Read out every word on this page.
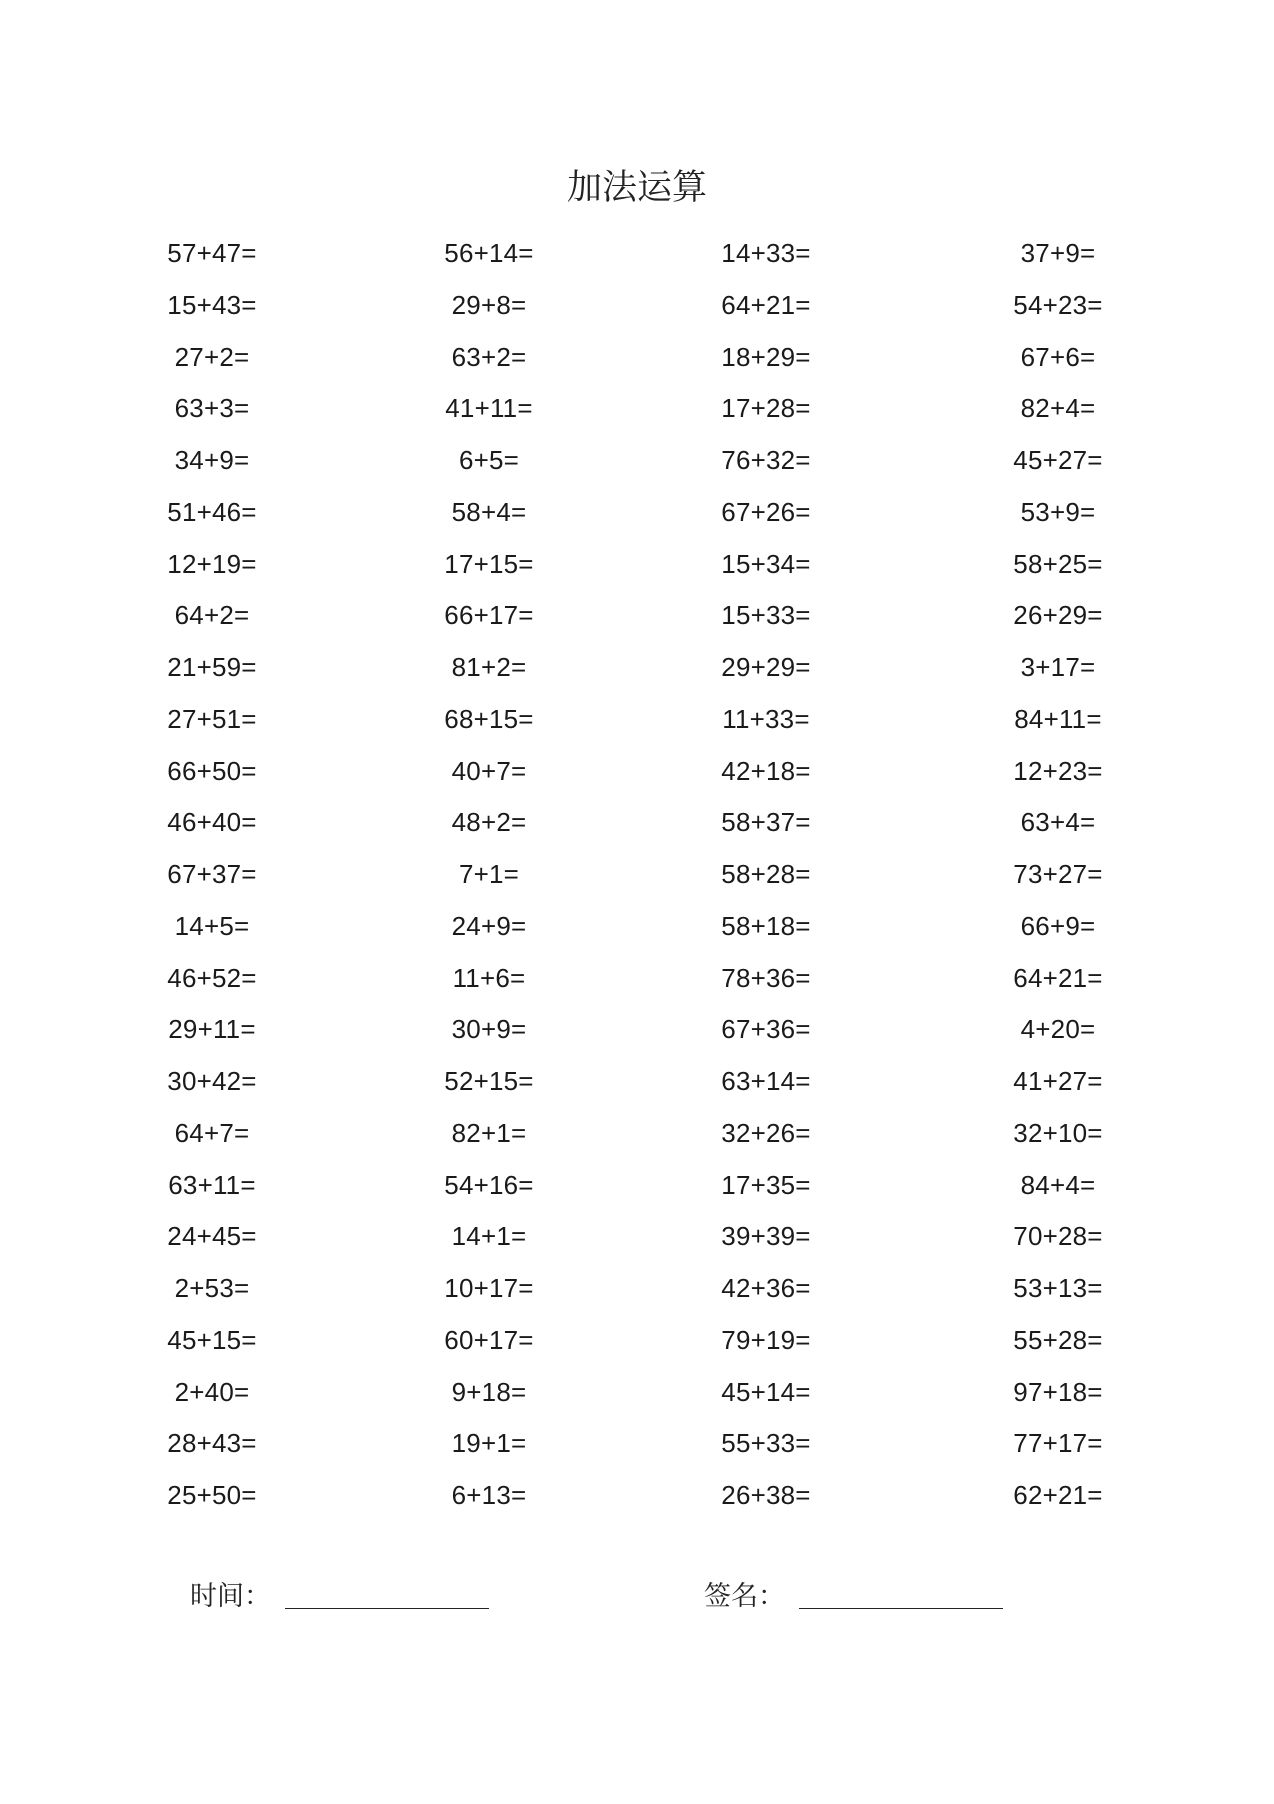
加法运算
57+47=	56+14=	14+33=	37+9=
15+43=	29+8=	64+21=	54+23=
27+2=	63+2=	18+29=	67+6=
63+3=	41+11=	17+28=	82+4=
34+9=	6+5=	76+32=	45+27=
51+46=	58+4=	67+26=	53+9=
12+19=	17+15=	15+34=	58+25=
64+2=	66+17=	15+33=	26+29=
21+59=	81+2=	29+29=	3+17=
27+51=	68+15=	11+33=	84+11=
66+50=	40+7=	42+18=	12+23=
46+40=	48+2=	58+37=	63+4=
67+37=	7+1=	58+28=	73+27=
14+5=	24+9=	58+18=	66+9=
46+52=	11+6=	78+36=	64+21=
29+11=	30+9=	67+36=	4+20=
30+42=	52+15=	63+14=	41+27=
64+7=	82+1=	32+26=	32+10=
63+11=	54+16=	17+35=	84+4=
24+45=	14+1=	39+39=	70+28=
2+53=	10+17=	42+36=	53+13=
45+15=	60+17=	79+19=	55+28=
2+40=	9+18=	45+14=	97+18=
28+43=	19+1=	55+33=	77+17=
25+50=	6+13=	26+38=	62+21=
时间：	签名：
